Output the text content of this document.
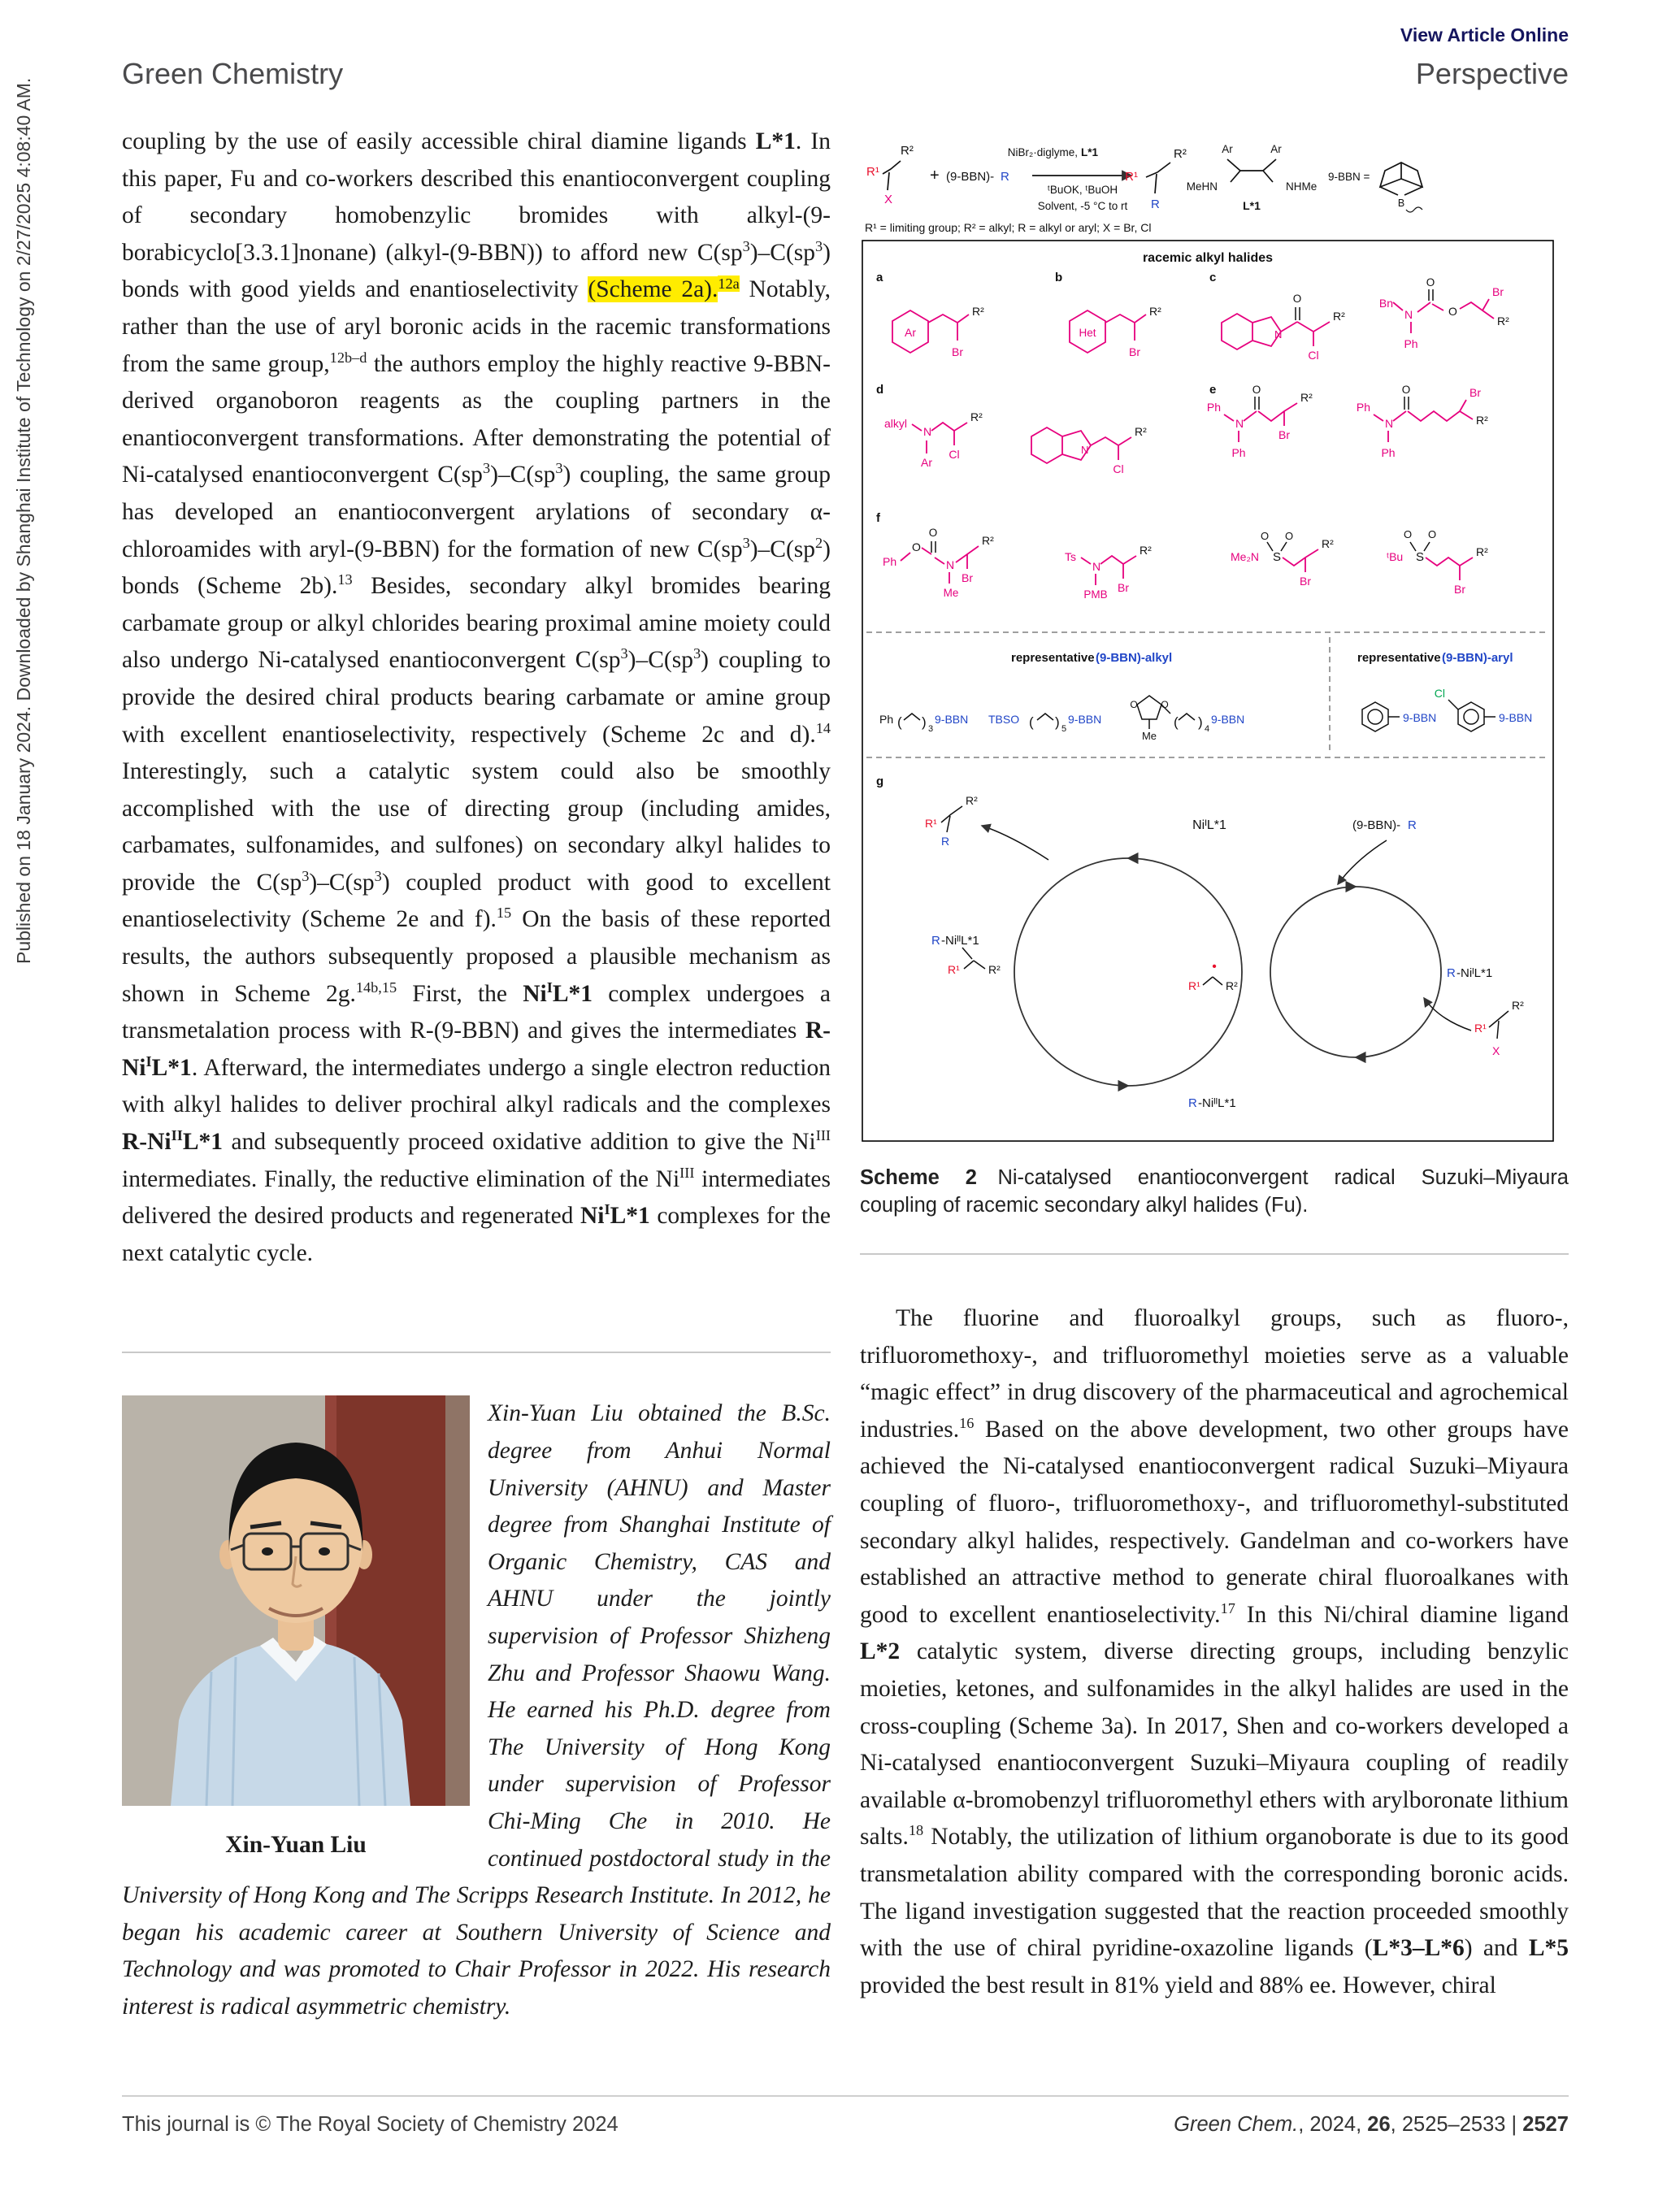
Published on 18 January 2024. Downloaded by Shanghai Institute of Technology on 2/27/2025 4:08:40 AM.
View Article Online
Green Chemistry	Perspective

coupling by the use of easily accessible chiral diamine ligands L*1. In this paper, Fu and co-workers described this enantioconvergent coupling of secondary homobenzylic bromides with alkyl-(9-borabicyclo[3.3.1]nonane) (alkyl-(9-BBN)) to afford new $C(sp^3)-C(sp^3)$ bonds with good yields and enantioselectivity (Scheme 2a).$^{12a}$ Notably, rather than the use of aryl boronic acids in the racemic transformations from the same group,$^{12b-d}$ the authors employ the highly reactive 9-BBN-derived organoboron reagents as the coupling partners in the enantioconvergent transformations. After demonstrating the potential of Ni-catalysed enantioconvergent $C(sp^3)-C(sp^3)$ coupling, the same group has developed an enantioconvergent arylations of secondary α-chloroamides with aryl-(9-BBN) for the formation of new $C(sp^3)-C(sp^2)$ bonds (Scheme 2b).$^{13}$ Besides, secondary alkyl bromides bearing carbamate group or alkyl chlorides bearing proximal amine moiety could also undergo Ni-catalysed enantioconvergent $C(sp^3)-C(sp^3)$ coupling to provide the desired chiral products bearing carbamate or amine group with excellent enantioselectivity, respectively (Scheme 2c and d).$^{14}$ Interestingly, such a catalytic system could also be smoothly accomplished with the use of directing group (including amides, carbamates, sulfonamides, and sulfones) on secondary alkyl halides to provide the $C(sp^3)-C(sp^3)$ coupled product with good to excellent enantioselectivity (Scheme 2e and f).$^{15}$ On the basis of these reported results, the authors subsequently proposed a plausible mechanism as shown in Scheme 2g.$^{14b,15}$ First, the $Ni^IL*1$ complex undergoes a transmetalation process with R-(9-BBN) and gives the intermediates $R-Ni^IL*1$. Afterward, the intermediates undergo a single electron reduction with alkyl halides to deliver prochiral alkyl radicals and the complexes $R-Ni^{II}L*1$ and subsequently proceed oxidative addition to give the $Ni^{III}$ intermediates. Finally, the reductive elimination of the $Ni^{III}$ intermediates delivered the desired products and regenerated $Ni^IL*1$ complexes for the next catalytic cycle.

Xin-Yuan Liu

Xin-Yuan Liu obtained the B.Sc. degree from Anhui Normal University (AHNU) and Master degree from Shanghai Institute of Organic Chemistry, CAS and AHNU under the jointly supervision of Professor Shizheng Zhu and Professor Shaowu Wang. He earned his Ph.D. degree from The University of Hong Kong under supervision of Professor Chi-Ming Che in 2010. He continued postdoctoral study in the University of Hong Kong and The Scripps Research Institute. In 2012, he began his academic career at Southern University of Science and Technology and was promoted to Chair Professor in 2022. His research interest is radical asymmetric chemistry.

R¹
R²
X
+ (9-BBN)- R
NiBr₂·diglyme, L*1
ᵗBuOK, ᵗBuOH
Solvent, -5 °C to rt
R¹
R²
R
Ar	Ar
MeHN	NHMe
L*1
9-BBN =
B
R¹ = limiting group; R² = alkyl; R = alkyl or aryl; X = Br, Cl
racemic alkyl halides
a	b	c
d	e
f
g
Ar
R²
Br
Het
R²
Br
N
O
Cl
R²
Bn
N
Ph
O
O
Br
R²
alkyl
N
Ar
Cl
R²
N
Cl
R²
Ph
N
Ph
O
Br
R²
Ph
N
Ph
O	Br
R²
Ph
O
O
N
Me
Br
R²
Ts
N
PMB
Br
R²	Me₂N S
O O
Br
R²
ᵗBu S
O O
Br
R²
representative (9-BBN)-alkyl	representative (9-BBN)-aryl
Ph ( ) 3
9-BBN TBSO ( ) 5
9-BBN
O O
Me
( ) 4
9-BBN	9-BBN
Cl
9-BBN
NiᴵL*1	(9-BBN)- R
R¹
R²
R
R -NiᴵL*1
R -NiᴵᴵL*1
R -NiᴵᴵL*1
R¹	R²
R¹
•
R²
R¹
R²
X
Scheme 2 Ni-catalysed enantioconvergent radical Suzuki–Miyaura coupling of racemic secondary alkyl halides (Fu).

The fluorine and fluoroalkyl groups, such as fluoro-, trifluoromethoxy-, and trifluoromethyl moieties serve as a valuable “magic effect” in drug discovery of the pharmaceutical and agrochemical industries.$^{16}$ Based on the above development, two other groups have achieved the Ni-catalysed enantioconvergent radical Suzuki–Miyaura coupling of fluoro-, trifluoromethoxy-, and trifluoromethyl-substituted secondary alkyl halides, respectively. Gandelman and co-workers have established an attractive method to generate chiral fluoroalkanes with good to excellent enantioselectivity.$^{17}$ In this Ni/chiral diamine ligand L*2 catalytic system, diverse directing groups, including benzylic moieties, ketones, and sulfonamides in the alkyl halides are used in the cross-coupling (Scheme 3a). In 2017, Shen and co-workers developed a Ni-catalysed enantioconvergent Suzuki–Miyaura coupling of readily available α-bromobenzyl trifluoromethyl ethers with arylboronate lithium salts.$^{18}$ Notably, the utilization of lithium organoborate is due to its good transmetalation ability compared with the corresponding boronic acids. The ligand investigation suggested that the reaction proceeded smoothly with the use of chiral pyridine-oxazoline ligands (L*3–L*6) and L*5 provided the best result in 81% yield and 88% ee. However, chiral

This journal is © The Royal Society of Chemistry 2024	Green Chem., 2024, 26, 2525–2533 | 2527
